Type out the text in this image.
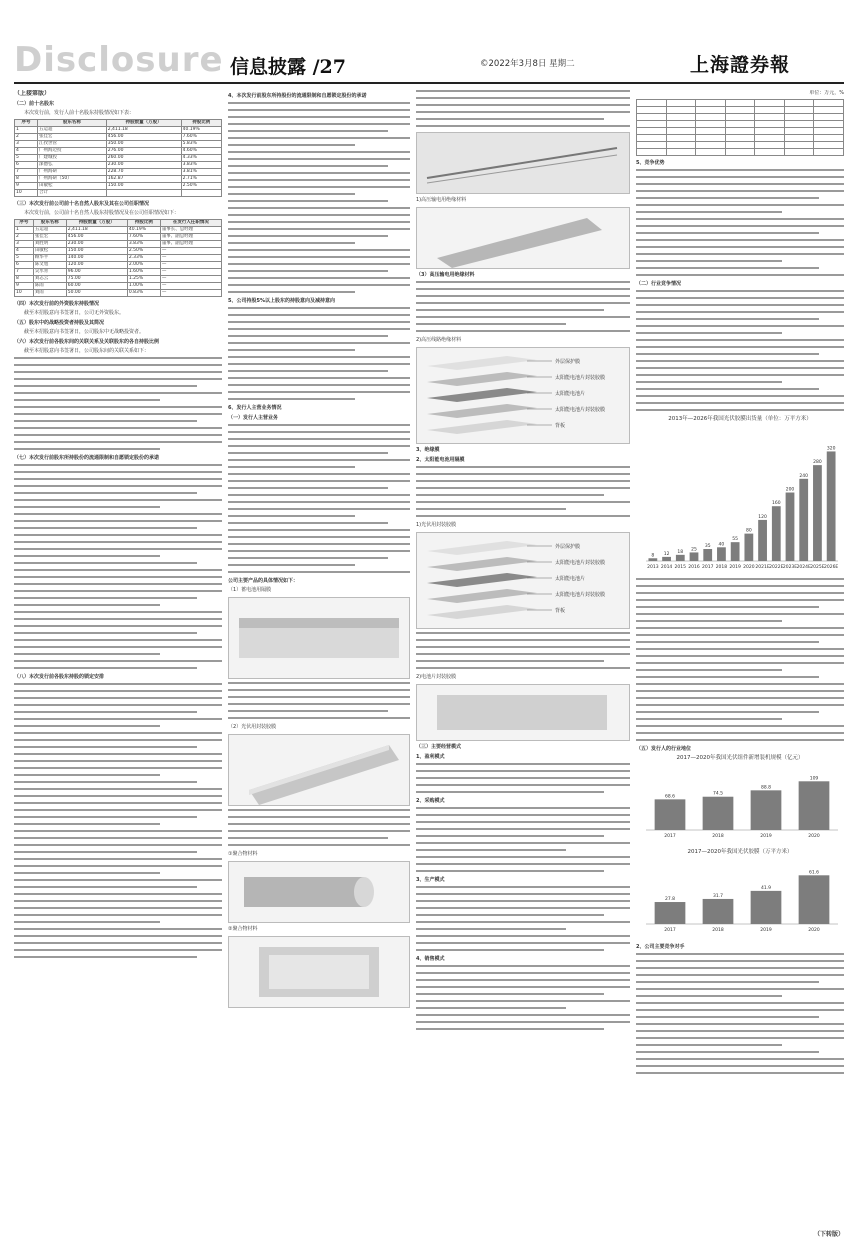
Disclosure 信息披露 /27	©2022年3月8日 星期二	上海證券報
（上接第版）
（二）前十名股东
本次发行前，发行人前十名股东持股情况如下表：
序号	股东名称	持股数量（万股）	持股比例
1	五运超	2,411.18	40.19%
2	张佳宏	456.00	7.60%
3	江孜世管	350.00	5.83%
4	广州海迈投	276.00	4.60%
5	广建城投	260.00	4.33%
6	深德弘	230.00	3.83%
7	广州海研	228.70	3.81%
8	广州海研（50）	162.87	2.71%
9	田敏松	150.00	2.50%
10	合计		
（三）本次发行前公司前十名自然人股东及其在公司任职情况
本次发行前，公司前十名自然人股东持股情况及在公司任职情况如下：
序号	股东名称	持股数量（万股）	持股比例	在发行人任职情况
1	五运超	2,411.18	40.19%	董事长、总经理
2	张佳宏	456.00	7.60%	董事、副总经理
3	刘胜明	230.00	3.83%	董事、副总经理
4	田敏松	150.00	2.50%	—
5	顾华平	140.00	2.33%	—
6	陈文旭	120.00	2.00%	—
7	吴水青	96.00	1.60%	—
8	刘志云	75.00	1.25%	—
9	陈雨	60.00	1.00%	—
10	刘雨	50.00	0.83%	—
（四）本次发行前的外资股东持股情况
截至本招股意向书签署日，公司无外资股东。
（五）股东中的战略投资者持股及其简况
截至本招股意向书签署日，公司股东中无战略投资者。
（六）本次发行前各股东间的关联关系及关联股东的各自持股比例
截至本招股意向书签署日，公司股东间的关联关系如下：
（七）本次发行前股东所持股份的流通限制和自愿锁定股份的承诺
（八）本次发行前各股东持股的锁定安排
4、本次发行前股东所持股份的流通限制和自愿锁定股份的承诺
5、公司持股5%以上股东的持股意向及减持意向
6、发行人主营业务情况
（一）发行人主营业务
公司主要产品的具体情况如下：
（1）蓄电池用隔膜
（2）光伏用封装胶膜
①聚合物材料
②聚合物材料
1)高压输电用绝缘材料
（3）高压输电用绝缘材料
2)高压线路绝缘材料
外层保护膜
太阳能电池片封装胶膜
太阳能电池片
太阳能电池片封装胶膜
背板
3、绝缘膜
2、太阳能电池用隔膜
1)光伏用封装胶膜
外层保护膜
太阳能电池片封装胶膜
太阳能电池片
太阳能电池片封装胶膜
背板
2)电池片封装胶膜
（三）主要经营模式
1、盈利模式
2、采购模式
3、生产模式
4、销售模式
单位：万元，%

5、竞争优势
（二）行业竞争情况
2013年—2026年我国光伏胶膜出货量（单位：万平方米）
8
2013
12
2014
18
2015
25
2016
35
2017
40
2018
55
2019
80
2020
120
2021E
160
2022E
200
2023E
240
2024E
280
2025E
320
2026E
（五）发行人的行业地位
2017—2020年我国光伏组件新增装机规模（亿元）
68.6
2017
74.5
2018
88.8
2019
109
2020
2017—2020年我国光伏胶膜（万平方米）
27.8
2017
31.7
2018
41.9
2019
61.6
2020
2、公司主要竞争对手
（下转版）
